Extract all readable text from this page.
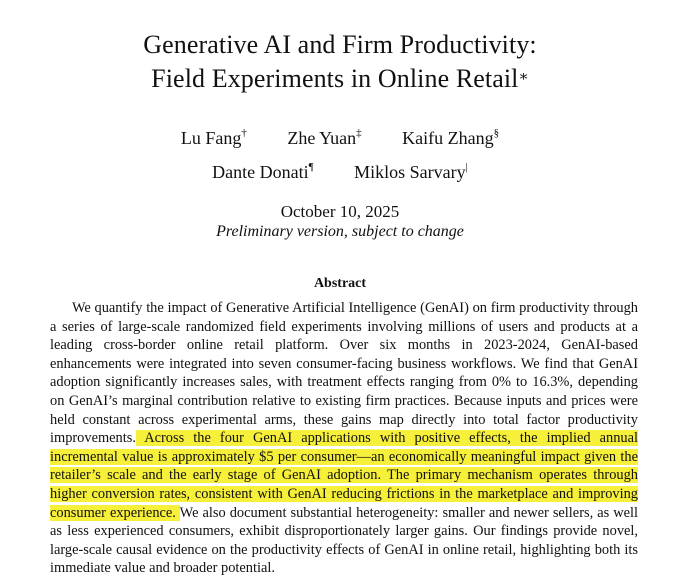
Generative AI and Firm Productivity:
Field Experiments in Online Retail∗
Lu Fang† Zhe Yuan‡ Kaifu Zhang§
Dante Donati¶ Miklos Sarvary|
October 10, 2025
Preliminary version, subject to change
Abstract

We quantify the impact of Generative Artificial Intelligence (GenAI) on firm productivity through a series of large-scale randomized field experiments involving millions of users and products at a leading cross-border online retail platform. Over six months in 2023-2024, GenAI-based enhancements were integrated into seven consumer-facing business workflows. We find that GenAI adoption significantly increases sales, with treatment effects ranging from 0% to 16.3%, depending on GenAI’s marginal contribution relative to existing firm practices. Because inputs and prices were held constant across experimental arms, these gains map directly into total factor productivity improvements. Across the four GenAI applications with positive effects, the implied annual incremental value is approximately $5 per consumer—an economically meaningful impact given the retailer’s scale and the early stage of GenAI adoption. The primary mechanism operates through higher conversion rates, consistent with GenAI reducing frictions in the marketplace and improving consumer experience. We also document substantial heterogeneity: smaller and newer sellers, as well as less experienced consumers, exhibit disproportionately larger gains. Our findings provide novel, large-scale causal evidence on the productivity effects of GenAI in online retail, highlighting both its immediate value and broader potential.
